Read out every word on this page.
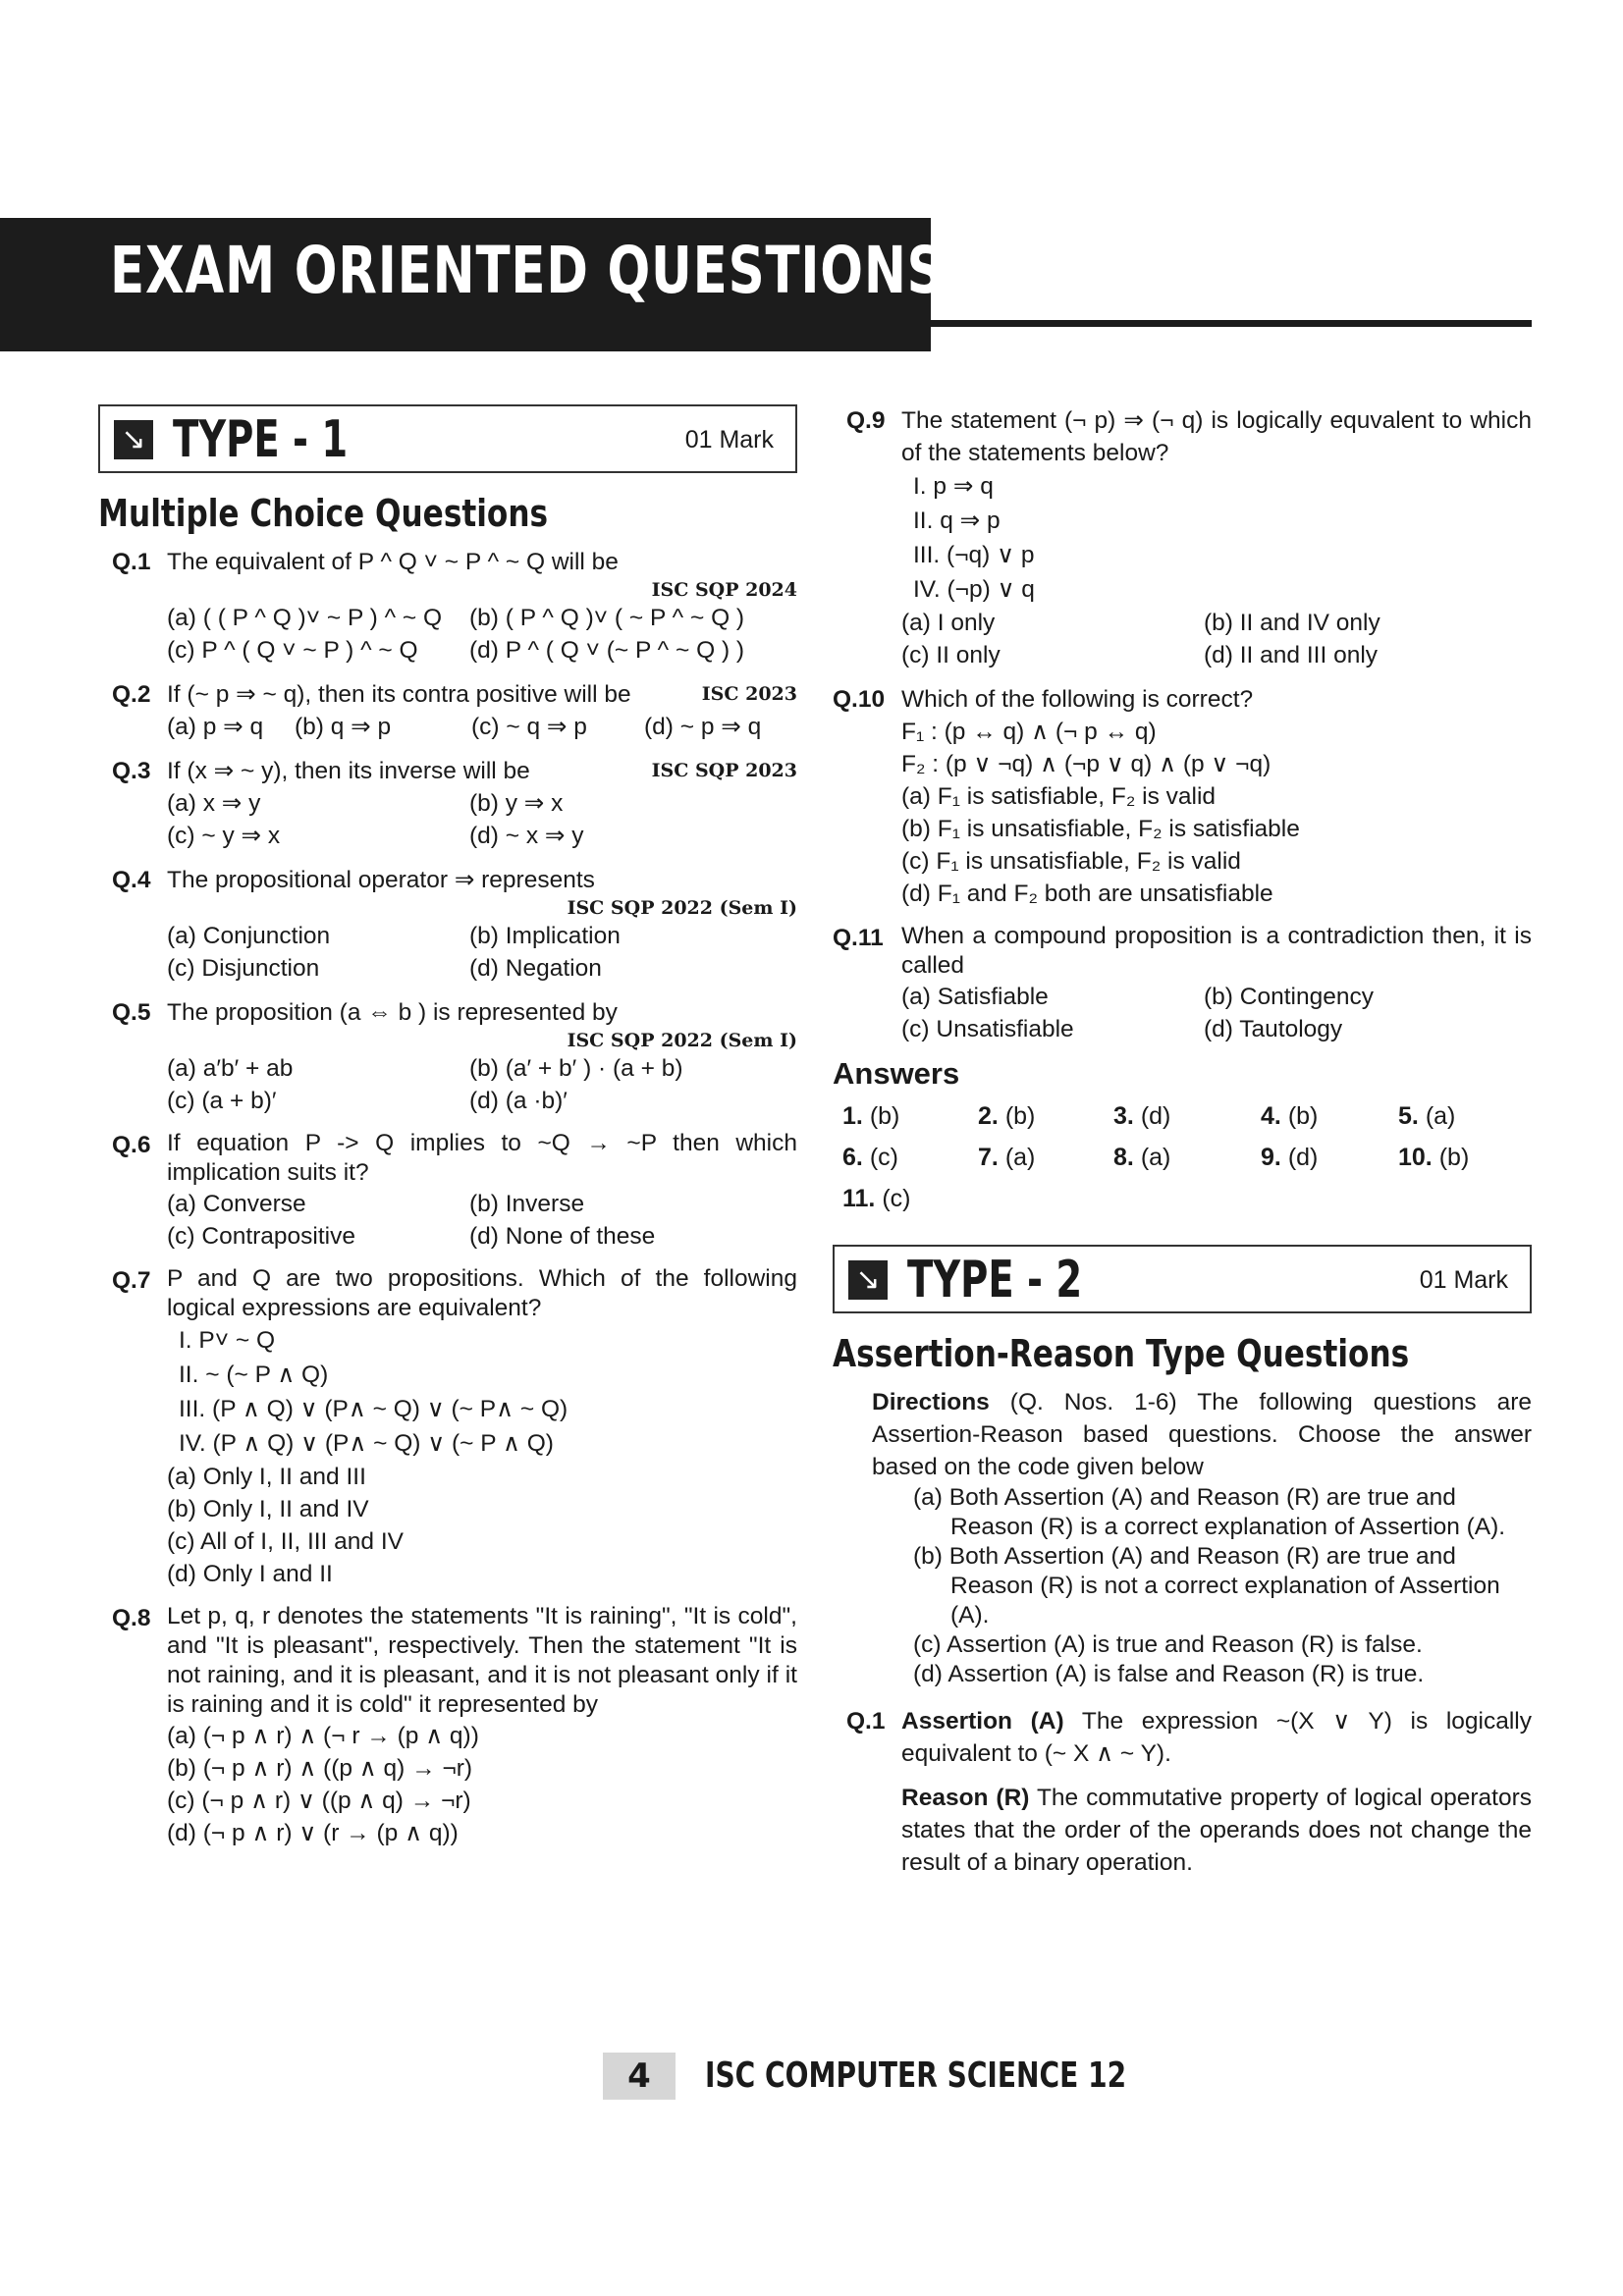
EXAM ORIENTED QUESTIONS
↘ TYPE - 1	01 Mark
Multiple Choice Questions
Q.1 The equivalent of P ^ Q ˅ ~ P ^ ~ Q will be
ISC SQP 2024
(a) ( ( P ^ Q )˅ ~ P ) ^ ~ Q	(b) ( P ^ Q )˅ ( ~ P ^ ~ Q )
(c) P ^ ( Q ˅ ~ P ) ^ ~ Q	(d) P ^ ( Q ˅ (~ P ^ ~ Q ) )
Q.2 If (~ p ⇒ ~ q), then its contra positive will be	ISC 2023
(a) p ⇒ q	(b) q ⇒ p	(c) ~ q ⇒ p	(d) ~ p ⇒ q
Q.3 If (x ⇒ ~ y), then its inverse will be	ISC SQP 2023
(a) x ⇒ y	(b) y ⇒ x
(c) ~ y ⇒ x	(d) ~ x ⇒ y
Q.4 The propositional operator ⇒ represents
ISC SQP 2022 (Sem I)
(a) Conjunction	(b) Implication
(c) Disjunction	(d) Negation
Q.5 The proposition (a ⇔ b ) is represented by
ISC SQP 2022 (Sem I)
(a) a′b′ + ab	(b) (a′ + b′ ) · (a + b)
(c) (a + b)′	(d) (a ·b)′
Q.6 If equation P -> Q implies to ~Q → ~P then which implication suits it?
(a) Converse	(b) Inverse
(c) Contrapositive	(d) None of these
Q.7 P and Q are two propositions. Which of the following logical expressions are equivalent?
I. P˅ ~ Q
II. ~ (~ P ∧ Q)
III. (P ∧ Q) ∨ (P∧ ~ Q) ∨ (~ P∧ ~ Q)
IV. (P ∧ Q) ∨ (P∧ ~ Q) ∨ (~ P ∧ Q)
(a) Only I, II and III
(b) Only I, II and IV
(c) All of I, II, III and IV
(d) Only I and II
Q.8 Let p, q, r denotes the statements "It is raining", "It is cold", and "It is pleasant", respectively. Then the statement "It is not raining, and it is pleasant, and it is not pleasant only if it is raining and it is cold" it represented by
(a) (¬ p ∧ r) ∧ (¬ r → (p ∧ q))
(b) (¬ p ∧ r) ∧ ((p ∧ q) → ¬r)
(c) (¬ p ∧ r) ∨ ((p ∧ q) → ¬r)
(d) (¬ p ∧ r) ∨ (r → (p ∧ q))
Q.9 The statement (¬ p) ⇒ (¬ q) is logically equvalent to which of the statements below?
I. p ⇒ q
II. q ⇒ p
III. (¬q) ∨ p
IV. (¬p) ∨ q
(a) I only	(b) II and IV only
(c) II only	(d) II and III only
Q.10 Which of the following is correct?
F₁ : (p ↔ q) ∧ (¬ p ↔ q)
F₂ : (p ∨ ¬q) ∧ (¬p ∨ q) ∧ (p ∨ ¬q)
(a) F₁ is satisfiable, F₂ is valid
(b) F₁ is unsatisfiable, F₂ is satisfiable
(c) F₁ is unsatisfiable, F₂ is valid
(d) F₁ and F₂ both are unsatisfiable
Q.11 When a compound proposition is a contradiction then, it is called
(a) Satisfiable	(b) Contingency
(c) Unsatisfiable	(d) Tautology
Answers
1. (b)	2. (b)	3. (d)	4. (b)	5. (a)
6. (c)	7. (a)	8. (a)	9. (d)	10. (b)
11. (c)
↘ TYPE - 2	01 Mark
Assertion-Reason Type Questions
Directions (Q. Nos. 1-6) The following questions are Assertion-Reason based questions. Choose the answer based on the code given below
(a) Both Assertion (A) and Reason (R) are true and Reason (R) is a correct explanation of Assertion (A).
(b) Both Assertion (A) and Reason (R) are true and Reason (R) is not a correct explanation of Assertion (A).
(c) Assertion (A) is true and Reason (R) is false.
(d) Assertion (A) is false and Reason (R) is true.
Q.1 Assertion (A) The expression ~(X ∨ Y) is logically equivalent to (~ X ∧ ~ Y).
Reason (R) The commutative property of logical operators states that the order of the operands does not change the result of a binary operation.
4	ISC COMPUTER SCIENCE 12
